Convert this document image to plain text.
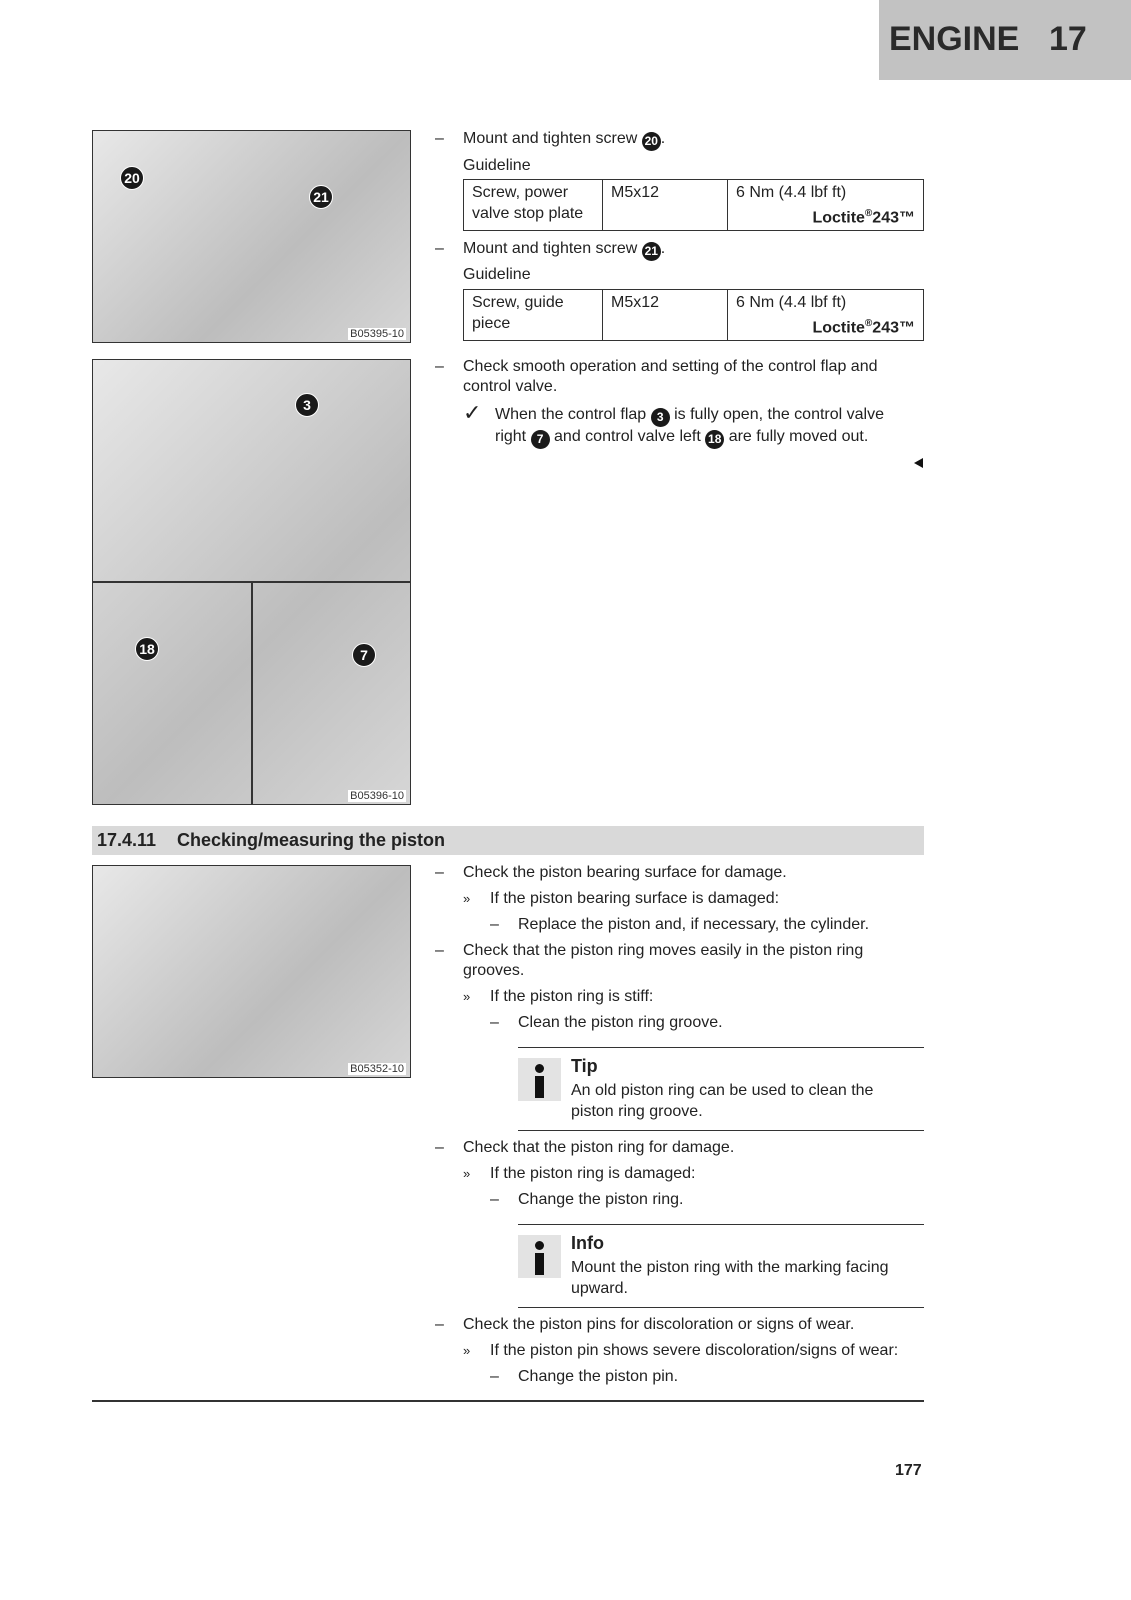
ENGINE 17
20
21
B05395-10
3
18	7
B05396-10
B05352-10
– Mount and tighten screw 20 .
Guideline
Screw, power
valve stop plate	M5x12	6 Nm (4.4 lbf ft)
Loctite®243™
– Mount and tighten screw 21 .
Guideline
Screw, guide
piece	M5x12	6 Nm (4.4 lbf ft)
Loctite®243™
– Check smooth operation and setting of the control flap and
control valve.
✓ When the control flap 3 is fully open, the control valve
right 7 and control valve left 18 are fully moved out.
17.4.11 Checking/measuring the piston
– Check the piston bearing surface for damage.
» If the piston bearing surface is damaged:
– Replace the piston and, if necessary, the cylinder.
– Check that the piston ring moves easily in the piston ring
grooves.
» If the piston ring is stiff:
– Clean the piston ring groove.
Tip
An old piston ring can be used to clean the
piston ring groove.
– Check that the piston ring for damage.
» If the piston ring is damaged:
– Change the piston ring.
Info
Mount the piston ring with the marking facing
upward.
– Check the piston pins for discoloration or signs of wear.
» If the piston pin shows severe discoloration/signs of wear:
– Change the piston pin.
177
